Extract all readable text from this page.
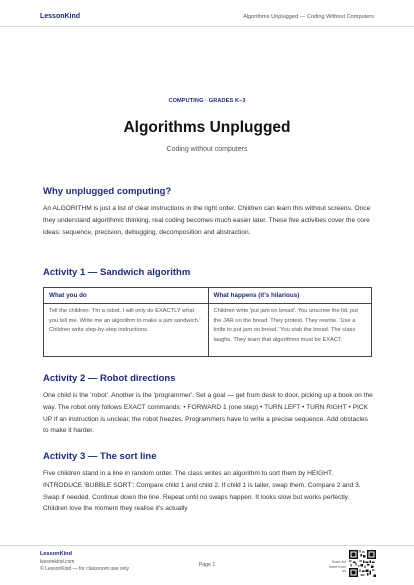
LessonKind	Algorithms Unplugged — Coding Without Computers
COMPUTING · GRADES K–3
Algorithms Unplugged
Coding without computers
Why unplugged computing?
An ALGORITHM is just a list of clear instructions in the right order. Children can learn this without screens. Once they understand algorithmic thinking, real coding becomes much easier later. These five activities cover the core ideas: sequence, precision, debugging, decomposition and abstraction.
Activity 1 — Sandwich algorithm
What you do
Tell the children: 'I'm a robot. I will only do EXACTLY what you tell me. Write me an algorithm to make a jam sandwich.' Children write step-by-step instructions.
What happens (it's hilarious)
Children write 'put jam on bread'. You unscrew the lid, put the JAR on the bread. They protest. They rewrite. 'Use a knife to put jam on bread.' You stab the bread. The class laughs. They learn that algorithms must be EXACT.
Activity 2 — Robot directions
One child is the 'robot'. Another is the 'programmer'. Set a goal — get from desk to door, picking up a book on the way. The robot only follows EXACT commands: • FORWARD 1 (one step) • TURN LEFT • TURN RIGHT • PICK UP If an instruction is unclear, the robot freezes. Programmers have to write a precise sequence. Add obstacles to make it harder.
Activity 3 — The sort line
Five children stand in a line in random order. The class writes an algorithm to sort them by HEIGHT. INTRODUCE 'BUBBLE SORT': Compare child 1 and child 2. If child 1 is taller, swap them. Compare 2 and 3. Swap if needed. Continue down the line. Repeat until no swaps happen. It looks slow but works perfectly. Children love the moment they realise it's actually
LessonKind
lessonkind.com
© LessonKind — for classroom use only
Page 1	Scan for more from us
